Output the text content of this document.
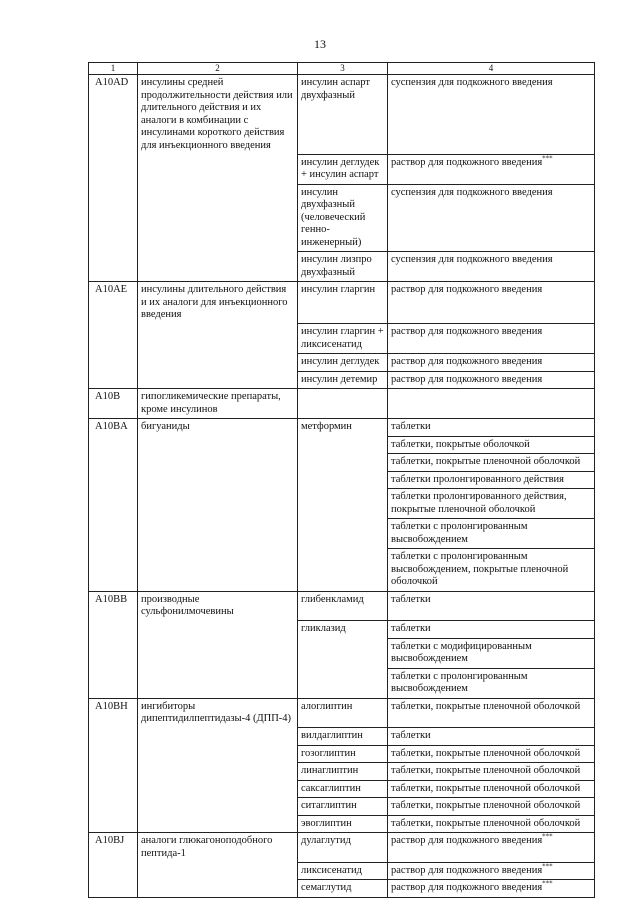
13
1	2	3	4
A10AD	инсулины средней продолжительности действия или длительного действия и их аналоги в комбинации с инсулинами короткого действия для инъекционного введения	инсулин аспарт двухфазный	суспензия для подкожного введения
		инсулин деглудек + инсулин аспарт	раствор для подкожного введения***
		инсулин двухфазный (человеческий генно-инженерный)	суспензия для подкожного введения
		инсулин лизпро двухфазный	суспензия для подкожного введения
A10AE	инсулины длительного действия и их аналоги для инъекционного введения	инсулин гларгин	раствор для подкожного введения
		инсулин гларгин + ликсисенатид	раствор для подкожного введения
		инсулин деглудек	раствор для подкожного введения
		инсулин детемир	раствор для подкожного введения
A10B	гипогликемические препараты, кроме инсулинов		
A10BA	бигуаниды	метформин	таблетки
			таблетки, покрытые оболочкой
			таблетки, покрытые пленочной оболочкой
			таблетки пролонгированного действия
			таблетки пролонгированного действия, покрытые пленочной оболочкой
			таблетки с пролонгированным высвобождением
			таблетки с пролонгированным высвобождением, покрытые пленочной оболочкой
A10BB	производные сульфонилмочевины	глибенкламид	таблетки
		гликлазид	таблетки
			таблетки с модифицированным высвобождением
			таблетки с пролонгированным высвобождением
A10BH	ингибиторы дипептидилпептидазы-4 (ДПП-4)	алоглиптин	таблетки, покрытые пленочной оболочкой
		вилдаглиптин	таблетки
		гозоглиптин	таблетки, покрытые пленочной оболочкой
		линаглиптин	таблетки, покрытые пленочной оболочкой
		саксаглиптин	таблетки, покрытые пленочной оболочкой
		ситаглиптин	таблетки, покрытые пленочной оболочкой
		эвоглиптин	таблетки, покрытые пленочной оболочкой
A10BJ	аналоги глюкагоноподобного пептида-1	дулаглутид	раствор для подкожного введения***
		ликсисенатид	раствор для подкожного введения***
		семаглутид	раствор для подкожного введения***
